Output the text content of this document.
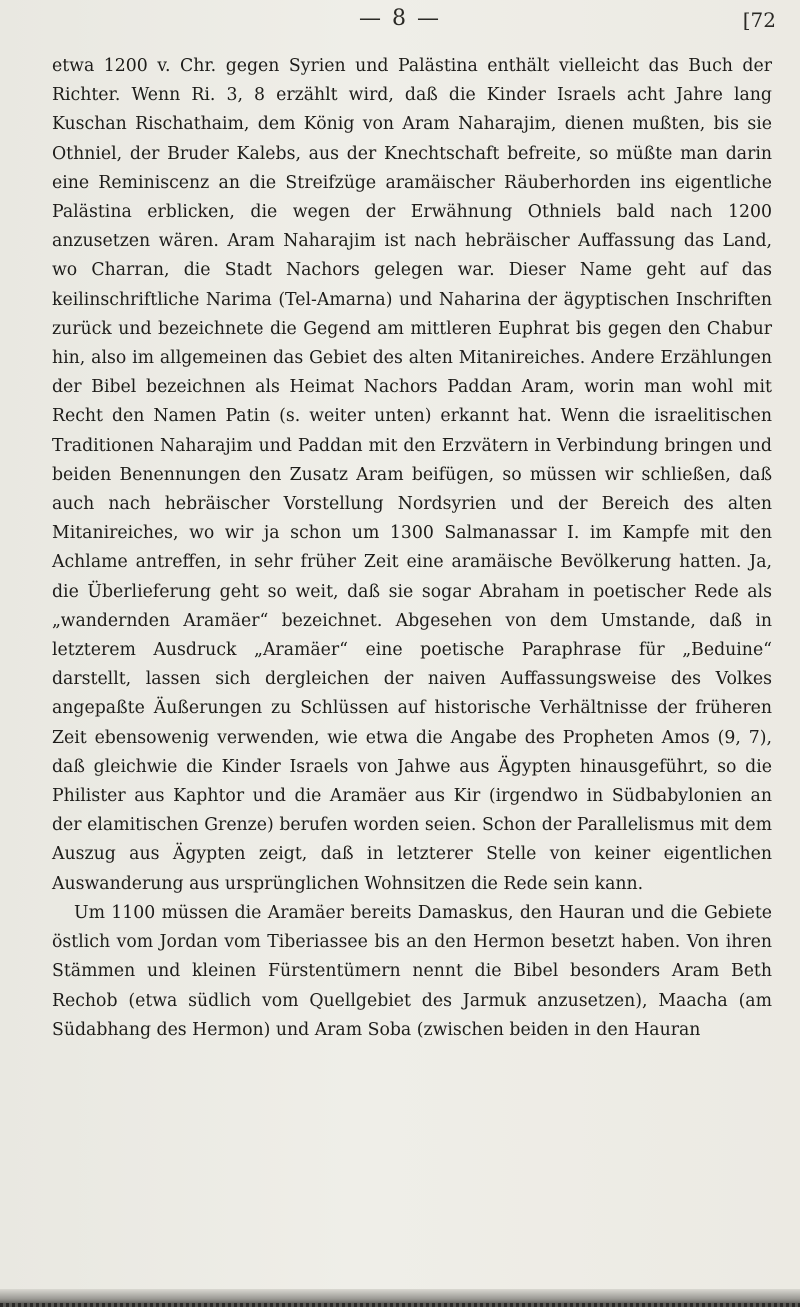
— 8 —	[72

etwa 1200 v. Chr. gegen Syrien und Palästina enthält vielleicht das Buch der Richter. Wenn Ri. 3, 8 erzählt wird, daß die Kinder Israels acht Jahre lang Kuschan Rischathaim, dem König von Aram Naharajim, dienen mußten, bis sie Othniel, der Bruder Kalebs, aus der Knechtschaft befreite, so müßte man darin eine Reminiscenz an die Streifzüge aramäischer Räuberhorden ins eigentliche Palästina erblicken, die wegen der Erwähnung Othniels bald nach 1200 anzusetzen wären. Aram Naharajim ist nach hebräischer Auffassung das Land, wo Charran, die Stadt Nachors gelegen war. Dieser Name geht auf das keilinschriftliche Narima (Tel-Amarna) und Naharina der ägyptischen Inschriften zurück und bezeichnete die Gegend am mittleren Euphrat bis gegen den Chabur hin, also im allgemeinen das Gebiet des alten Mitanireiches. Andere Erzählungen der Bibel bezeichnen als Heimat Nachors Paddan Aram, worin man wohl mit Recht den Namen Patin (s. weiter unten) erkannt hat. Wenn die israelitischen Traditionen Naharajim und Paddan mit den Erzvätern in Verbindung bringen und beiden Benennungen den Zusatz Aram beifügen, so müssen wir schließen, daß auch nach hebräischer Vorstellung Nordsyrien und der Bereich des alten Mitanireiches, wo wir ja schon um 1300 Salmanassar I. im Kampfe mit den Achlame antreffen, in sehr früher Zeit eine aramäische Bevölkerung hatten. Ja, die Überlieferung geht so weit, daß sie sogar Abraham in poetischer Rede als „wandernden Aramäer“ bezeichnet. Abgesehen von dem Umstande, daß in letzterem Ausdruck „Aramäer“ eine poetische Paraphrase für „Beduine“ darstellt, lassen sich dergleichen der naiven Auffassungsweise des Volkes angepaßte Äußerungen zu Schlüssen auf historische Verhältnisse der früheren Zeit ebensowenig verwenden, wie etwa die Angabe des Propheten Amos (9, 7), daß gleichwie die Kinder Israels von Jahwe aus Ägypten hinausgeführt, so die Philister aus Kaphtor und die Aramäer aus Kir (irgendwo in Südbabylonien an der elamitischen Grenze) berufen worden seien. Schon der Parallelismus mit dem Auszug aus Ägypten zeigt, daß in letzterer Stelle von keiner eigentlichen Auswanderung aus ursprünglichen Wohnsitzen die Rede sein kann.

Um 1100 müssen die Aramäer bereits Damaskus, den Hauran und die Gebiete östlich vom Jordan vom Tiberiassee bis an den Hermon besetzt haben. Von ihren Stämmen und kleinen Fürstentümern nennt die Bibel besonders Aram Beth Rechob (etwa südlich vom Quellgebiet des Jarmuk anzusetzen), Maacha (am Südabhang des Hermon) und Aram Soba (zwischen beiden in den Hauran
